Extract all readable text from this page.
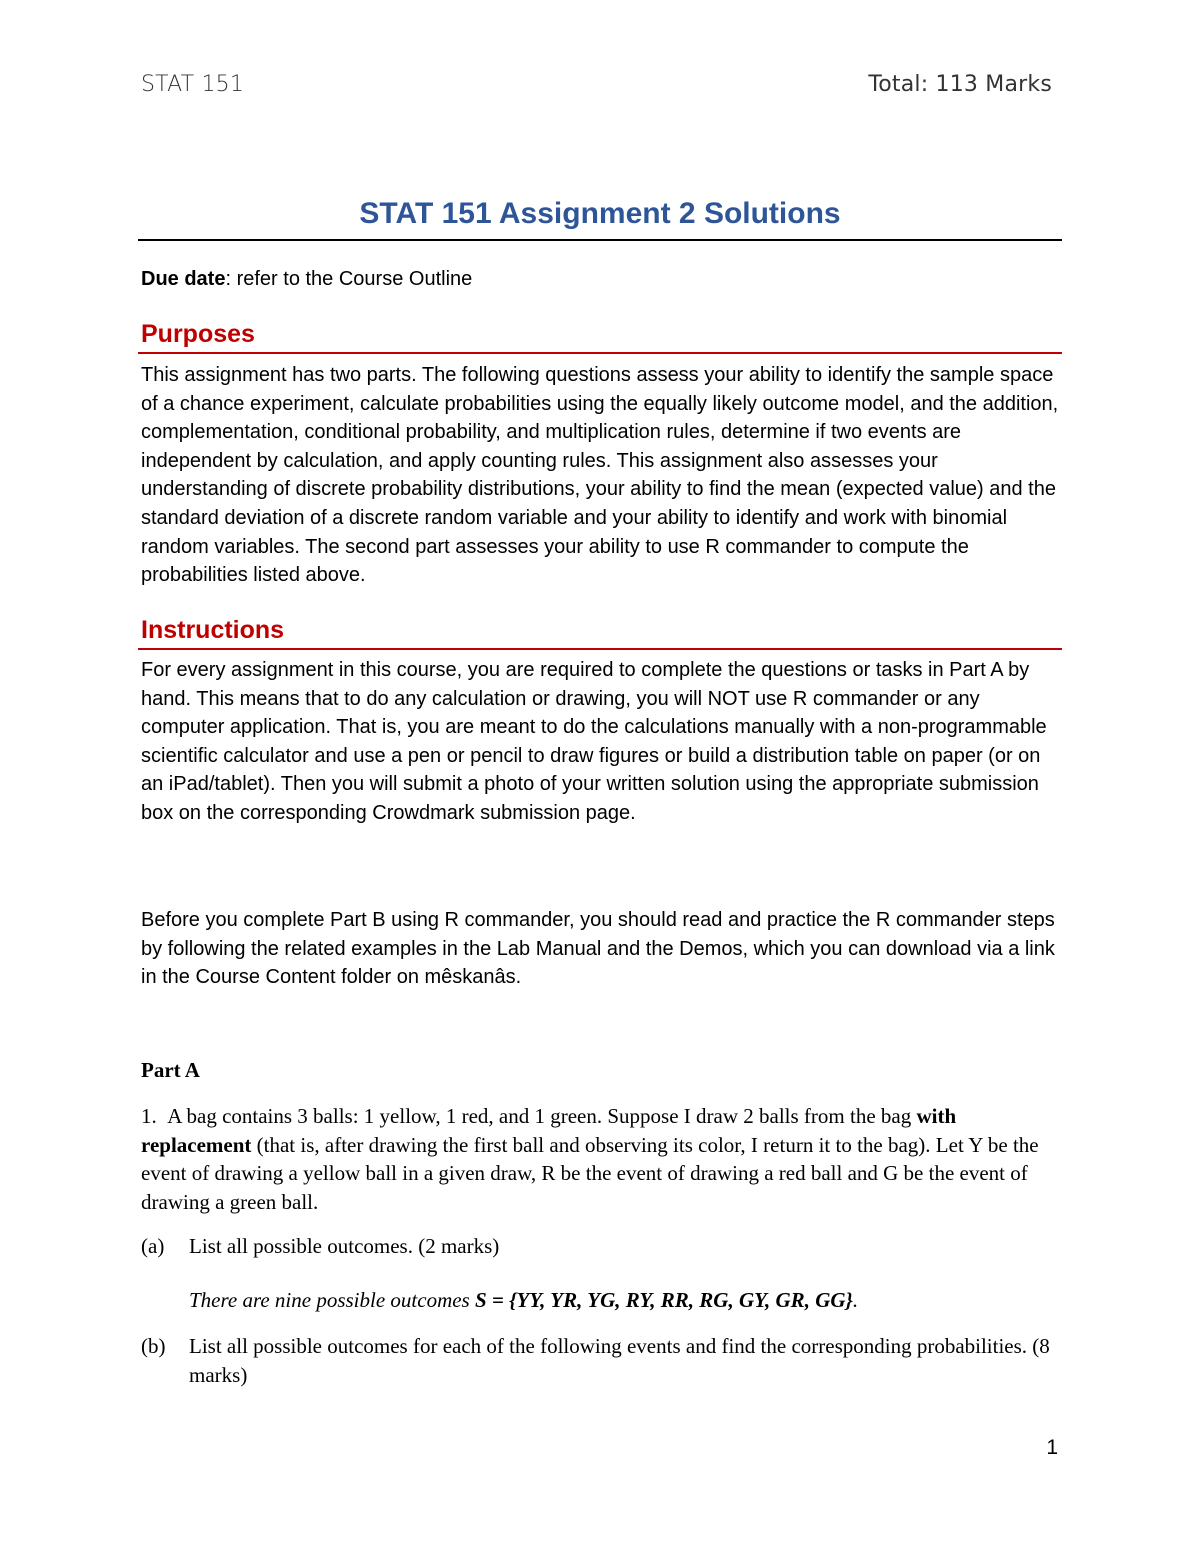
STAT 151	Total: 113 Marks
STAT 151 Assignment 2 Solutions
Due date: refer to the Course Outline
Purposes
This assignment has two parts. The following questions assess your ability to identify the sample space of a chance experiment, calculate probabilities using the equally likely outcome model, and the addition, complementation, conditional probability, and multiplication rules, determine if two events are independent by calculation, and apply counting rules. This assignment also assesses your understanding of discrete probability distributions, your ability to find the mean (expected value) and the standard deviation of a discrete random variable and your ability to identify and work with binomial random variables. The second part assesses your ability to use R commander to compute the probabilities listed above.
Instructions
For every assignment in this course, you are required to complete the questions or tasks in Part A by hand. This means that to do any calculation or drawing, you will NOT use R commander or any computer application. That is, you are meant to do the calculations manually with a non-programmable scientific calculator and use a pen or pencil to draw figures or build a distribution table on paper (or on an iPad/tablet). Then you will submit a photo of your written solution using the appropriate submission box on the corresponding Crowdmark submission page.
Before you complete Part B using R commander, you should read and practice the R commander steps by following the related examples in the Lab Manual and the Demos, which you can download via a link in the Course Content folder on mêskanâs.
Part A
1. A bag contains 3 balls: 1 yellow, 1 red, and 1 green. Suppose I draw 2 balls from the bag with replacement (that is, after drawing the first ball and observing its color, I return it to the bag). Let Y be the event of drawing a yellow ball in a given draw, R be the event of drawing a red ball and G be the event of drawing a green ball.
(a) List all possible outcomes. (2 marks)
There are nine possible outcomes S = {YY, YR, YG, RY, RR, RG, GY, GR, GG}.
(b) List all possible outcomes for each of the following events and find the corresponding probabilities. (8 marks)
1
